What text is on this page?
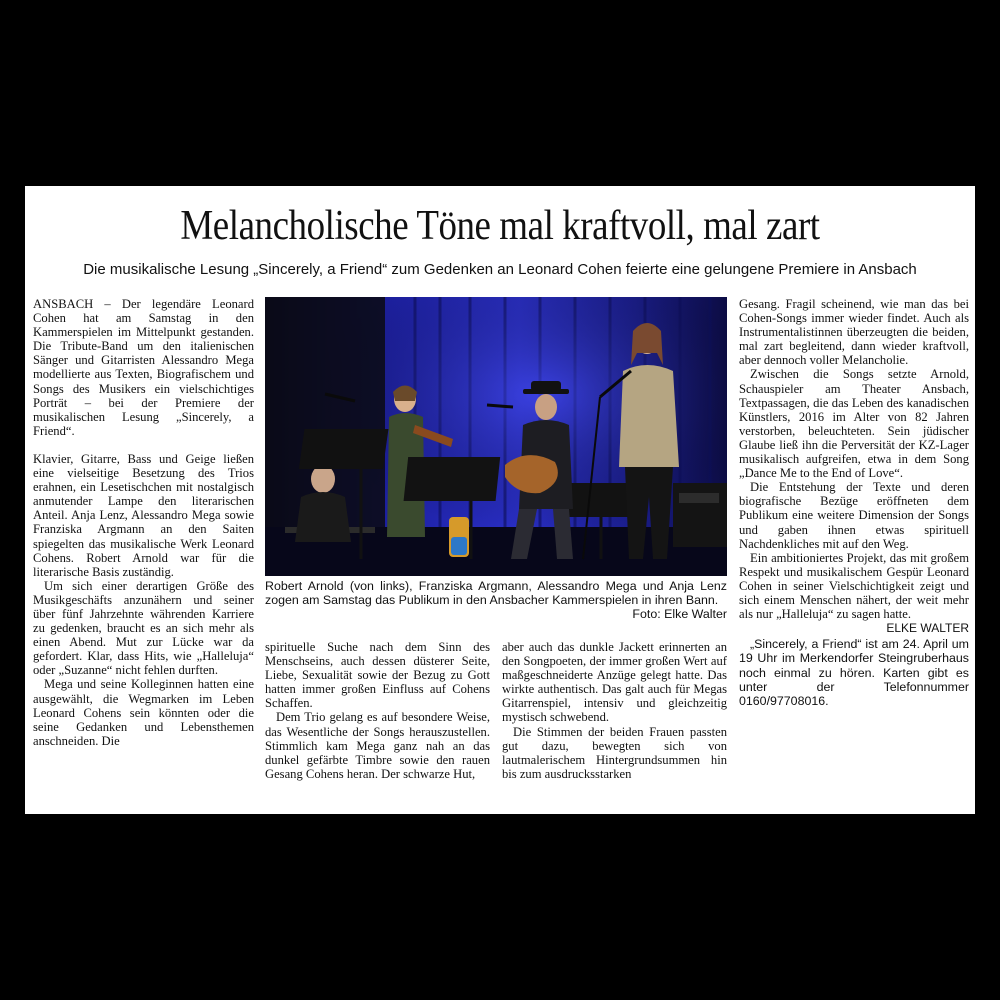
Melancholische Töne mal kraftvoll, mal zart
Die musikalische Lesung „Sincerely, a Friend“ zum Gedenken an Leonard Cohen feierte eine gelungene Premiere in Ansbach

ANSBACH – Der legendäre Leonard Cohen hat am Samstag in den Kammerspielen im Mittelpunkt gestanden. Die Tribute-Band um den italienischen Sänger und Gitarristen Alessandro Mega modellierte aus Texten, Biografischem und Songs des Musikers ein vielschichtiges Porträt – bei der Premiere der musikalischen Lesung „Sincerely, a Friend“.

Klavier, Gitarre, Bass und Geige ließen eine vielseitige Besetzung des Trios erahnen, ein Lesetischchen mit nostalgisch anmutender Lampe den literarischen Anteil. Anja Lenz, Alessandro Mega sowie Franziska Argmann an den Saiten spiegelten das musikalische Werk Leonard Cohens. Robert Arnold war für die literarische Basis zuständig.

Um sich einer derartigen Größe des Musikgeschäfts anzunähern und seiner über fünf Jahrzehnte währenden Karriere zu gedenken, braucht es an sich mehr als einen Abend. Mut zur Lücke war da gefordert. Klar, dass Hits, wie „Halleluja“ oder „Suzanne“ nicht fehlen durften.

Mega und seine Kolleginnen hatten eine ausgewählt, die Wegmarken im Leben Leonard Cohens sein könnten oder die seine Gedanken und Lebensthemen anschneiden. Die

Robert Arnold (von links), Franziska Argmann, Alessandro Mega und Anja Lenz zogen am Samstag das Publikum in den Ansbacher Kammerspielen in ihren Bann.
Foto: Elke Walter

spirituelle Suche nach dem Sinn des Menschseins, auch dessen düsterer Seite, Liebe, Sexualität sowie der Bezug zu Gott hatten immer großen Einfluss auf Cohens Schaffen.

Dem Trio gelang es auf besondere Weise, das Wesentliche der Songs herauszustellen. Stimmlich kam Mega ganz nah an das dunkel gefärbte Timbre sowie den rauen Gesang Cohens heran. Der schwarze Hut,

aber auch das dunkle Jackett erinnerten an den Songpoeten, der immer großen Wert auf maßgeschneiderte Anzüge gelegt hatte. Das wirkte authentisch. Das galt auch für Megas Gitarrenspiel, intensiv und gleichzeitig mystisch schwebend.

Die Stimmen der beiden Frauen passten gut dazu, bewegten sich von lautmalerischem Hintergrundsummen hin bis zum ausdrucksstarken

Gesang. Fragil scheinend, wie man das bei Cohen-Songs immer wieder findet. Auch als Instrumentalistinnen überzeugten die beiden, mal zart begleitend, dann wieder kraftvoll, aber dennoch voller Melancholie.

Zwischen die Songs setzte Arnold, Schauspieler am Theater Ansbach, Textpassagen, die das Leben des kanadischen Künstlers, 2016 im Alter von 82 Jahren verstorben, beleuchteten. Sein jüdischer Glaube ließ ihn die Perversität der KZ-Lager musikalisch aufgreifen, etwa in dem Song „Dance Me to the End of Love“.

Die Entstehung der Texte und deren biografische Bezüge eröffneten dem Publikum eine weitere Dimension der Songs und gaben ihnen etwas spirituell Nachdenkliches mit auf den Weg.

Ein ambitioniertes Projekt, das mit großem Respekt und musikalischem Gespür Leonard Cohen in seiner Vielschichtigkeit zeigt und sich einem Menschen nähert, der weit mehr als nur „Halleluja“ zu sagen hatte.
ELKE WALTER

„Sincerely, a Friend“ ist am 24. April um 19 Uhr im Merkendorfer Steingruberhaus noch einmal zu hören. Karten gibt es unter der Telefonnummer 0160/97708016.
